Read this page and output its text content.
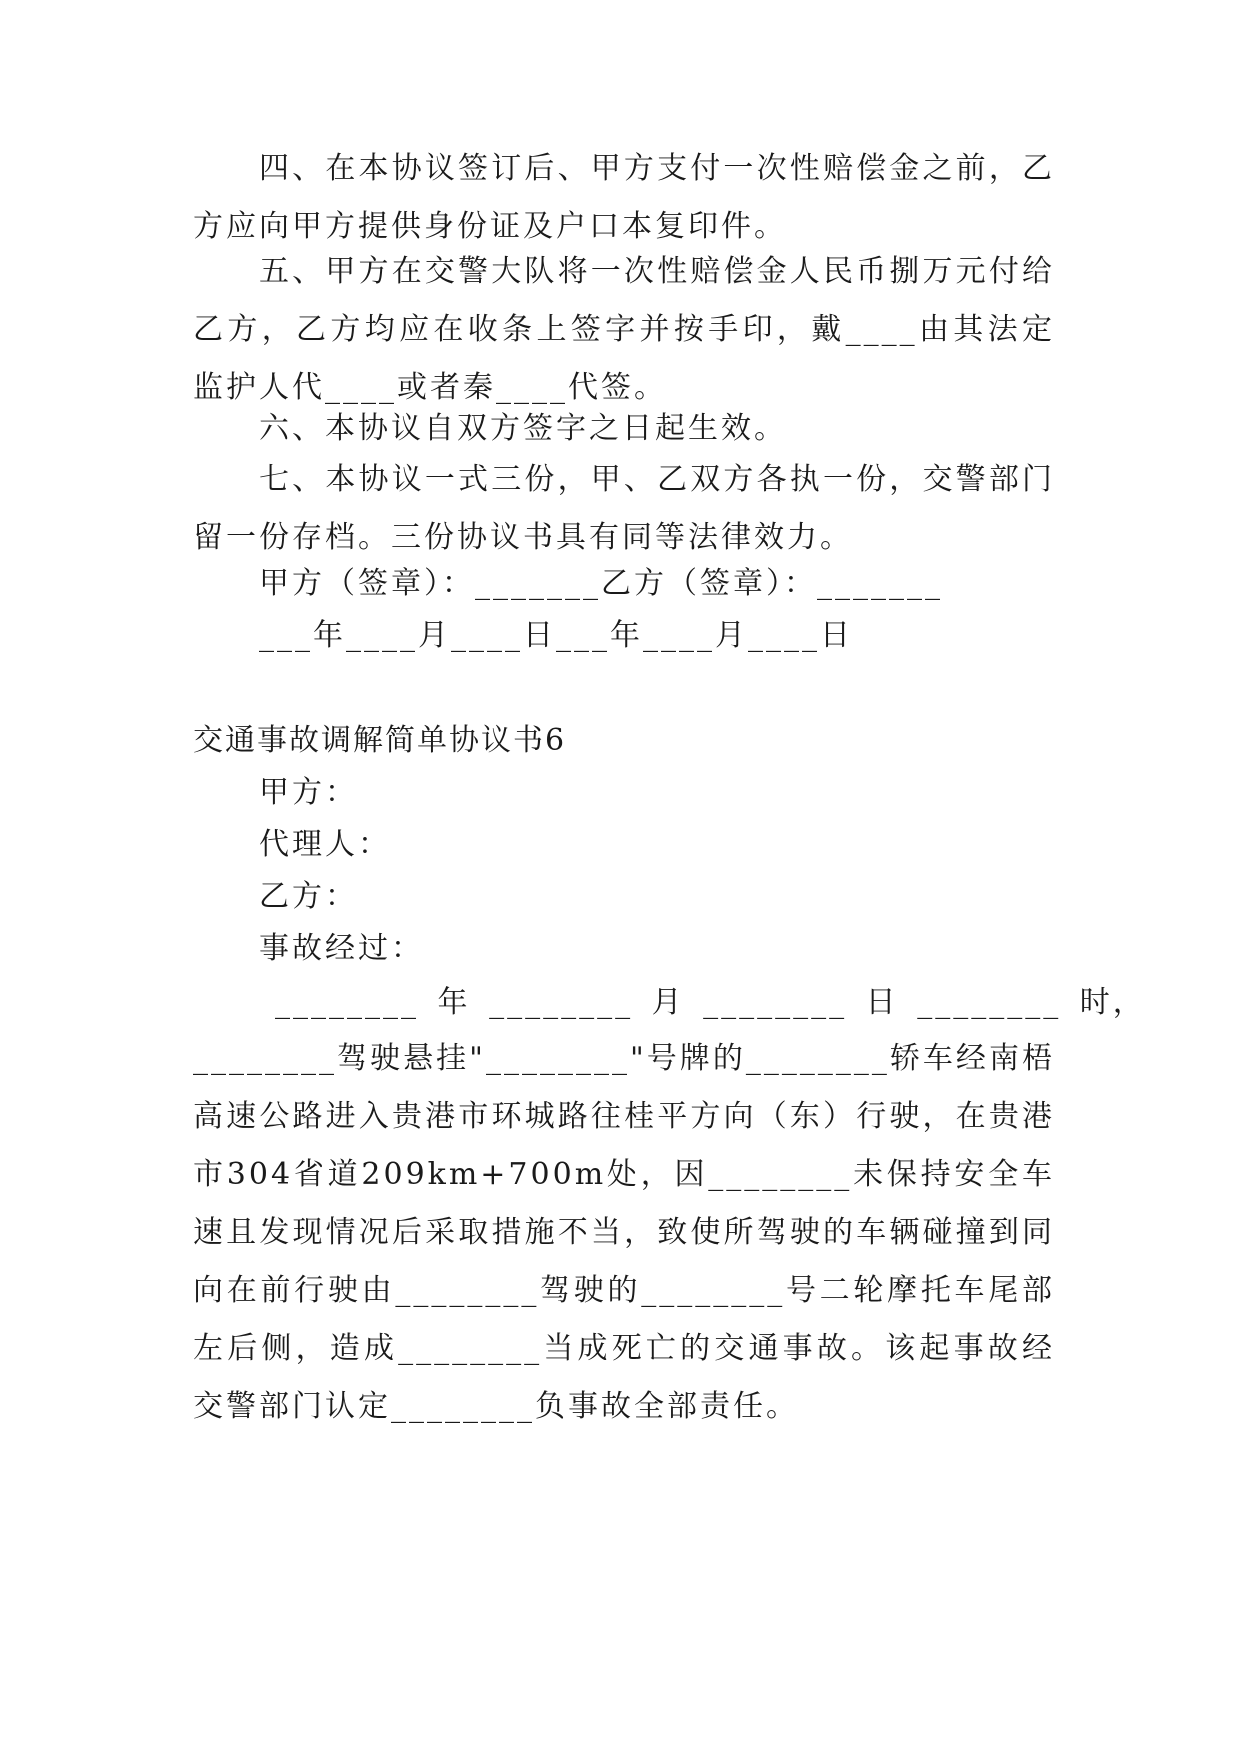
四、在本协议签订后、甲方支付一次性赔偿金之前，乙方应向甲方提供身份证及户口本复印件。

五、甲方在交警大队将一次性赔偿金人民币捌万元付给乙方，乙方均应在收条上签字并按手印，戴____由其法定监护人代____或者秦____代签。

六、本协议自双方签字之日起生效。

七、本协议一式三份，甲、乙双方各执一份，交警部门留一份存档。三份协议书具有同等法律效力。

甲方（签章）：_______乙方（签章）：_______

___年____月____日___年____月____日

交通事故调解简单协议书6

甲方：

代理人：

乙方：

事故经过：

________ 年 ________ 月 ________ 日 ________ 时，

________驾驶悬挂"________"号牌的________轿车经南梧高速公路进入贵港市环城路往桂平方向（东）行驶，在贵港市304省道209km+700m处，因________未保持安全车速且发现情况后采取措施不当，致使所驾驶的车辆碰撞到同向在前行驶由________驾驶的________号二轮摩托车尾部左后侧，造成________当成死亡的交通事故。该起事故经交警部门认定________负事故全部责任。
